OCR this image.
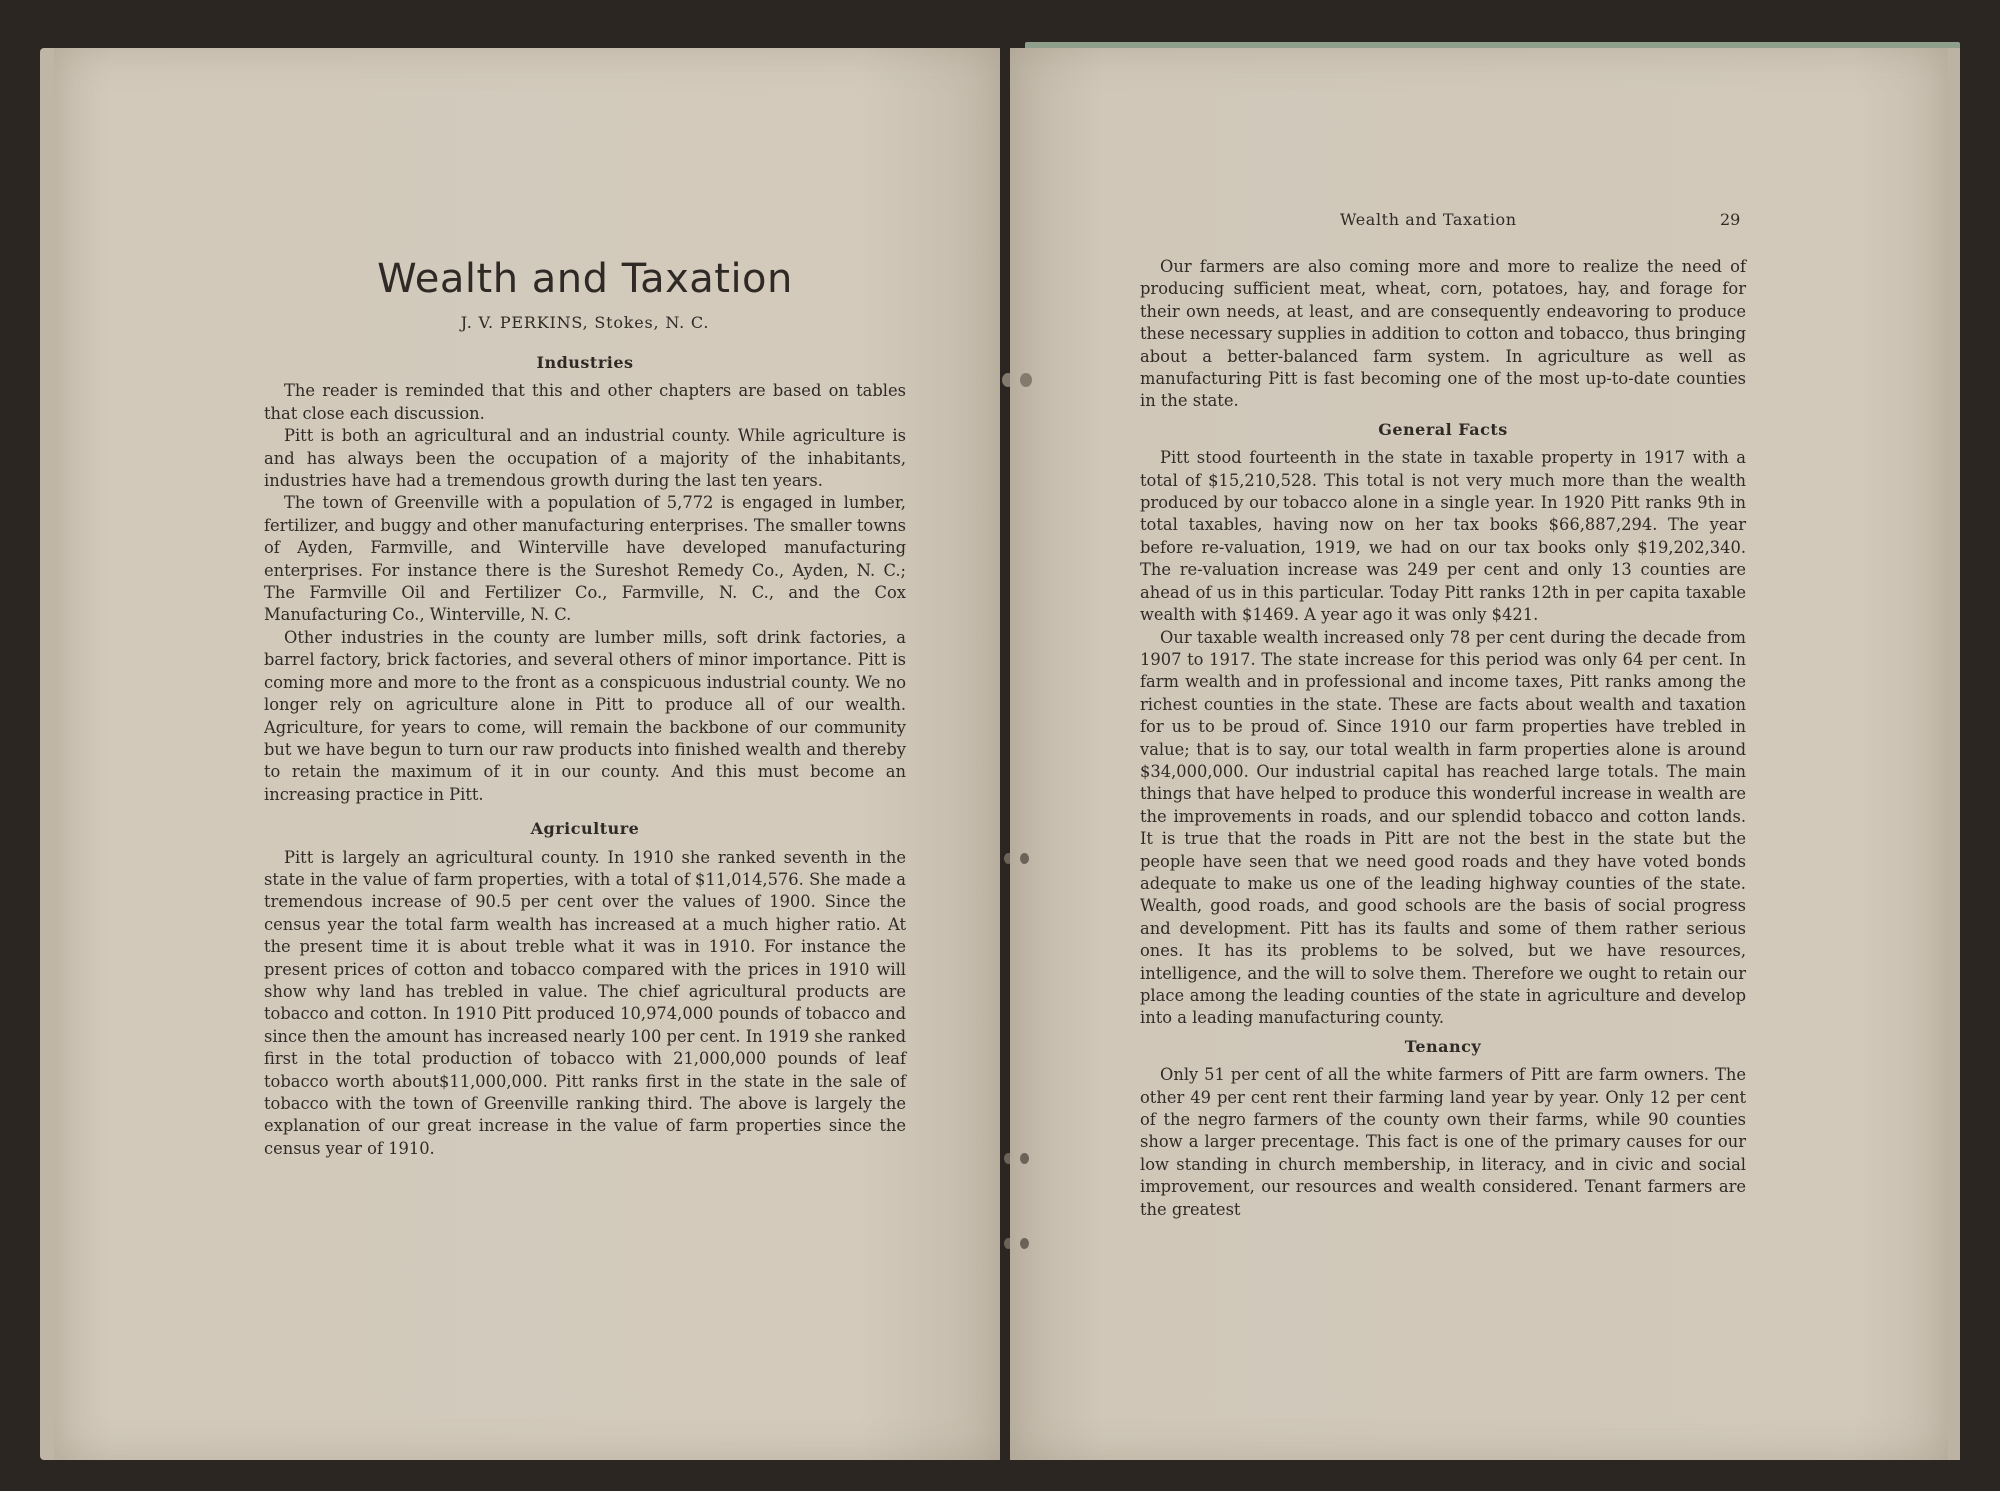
Wealth and Taxation

J. V. PERKINS, Stokes, N. C.

Industries

The reader is reminded that this and other chapters are based on tables that close each discussion.

Pitt is both an agricultural and an industrial county. While agriculture is and has always been the occupation of a majority of the inhabitants, industries have had a tremendous growth during the last ten years.

The town of Greenville with a population of 5,772 is engaged in lumber, fertilizer, and buggy and other manufacturing enterprises. The smaller towns of Ayden, Farmville, and Winterville have developed manufacturing enterprises. For instance there is the Sureshot Remedy Co., Ayden, N. C.; The Farmville Oil and Fertilizer Co., Farmville, N. C., and the Cox Manufacturing Co., Winterville, N. C.

Other industries in the county are lumber mills, soft drink factories, a barrel factory, brick factories, and several others of minor importance. Pitt is coming more and more to the front as a conspicuous industrial county. We no longer rely on agriculture alone in Pitt to produce all of our wealth. Agriculture, for years to come, will remain the backbone of our community but we have begun to turn our raw products into finished wealth and thereby to retain the maximum of it in our county. And this must become an increasing practice in Pitt.

Agriculture

Pitt is largely an agricultural county. In 1910 she ranked seventh in the state in the value of farm properties, with a total of $11,014,576. She made a tremendous increase of 90.5 per cent over the values of 1900. Since the census year the total farm wealth has increased at a much higher ratio. At the present time it is about treble what it was in 1910. For instance the present prices of cotton and tobacco compared with the prices in 1910 will show why land has trebled in value. The chief agricultural products are tobacco and cotton. In 1910 Pitt produced 10,974,000 pounds of tobacco and since then the amount has increased nearly 100 per cent. In 1919 she ranked first in the total production of tobacco with 21,000,000 pounds of leaf tobacco worth about$11,000,000. Pitt ranks first in the state in the sale of tobacco with the town of Greenville ranking third. The above is largely the explanation of our great increase in the value of farm properties since the census year of 1910.

Wealth and Taxation	29

Our farmers are also coming more and more to realize the need of producing sufficient meat, wheat, corn, potatoes, hay, and forage for their own needs, at least, and are consequently endeavoring to produce these necessary supplies in addition to cotton and tobacco, thus bringing about a better-balanced farm system. In agriculture as well as manufacturing Pitt is fast becoming one of the most up-to-date counties in the state.

General Facts

Pitt stood fourteenth in the state in taxable property in 1917 with a total of $15,210,528. This total is not very much more than the wealth produced by our tobacco alone in a single year. In 1920 Pitt ranks 9th in total taxables, having now on her tax books $66,887,294. The year before re-valuation, 1919, we had on our tax books only $19,202,340. The re-valuation increase was 249 per cent and only 13 counties are ahead of us in this particular. Today Pitt ranks 12th in per capita taxable wealth with $1469. A year ago it was only $421.

Our taxable wealth increased only 78 per cent during the decade from 1907 to 1917. The state increase for this period was only 64 per cent. In farm wealth and in professional and income taxes, Pitt ranks among the richest counties in the state. These are facts about wealth and taxation for us to be proud of. Since 1910 our farm properties have trebled in value; that is to say, our total wealth in farm properties alone is around $34,000,000. Our industrial capital has reached large totals. The main things that have helped to produce this wonderful increase in wealth are the improvements in roads, and our splendid tobacco and cotton lands. It is true that the roads in Pitt are not the best in the state but the people have seen that we need good roads and they have voted bonds adequate to make us one of the leading highway counties of the state. Wealth, good roads, and good schools are the basis of social progress and development. Pitt has its faults and some of them rather serious ones. It has its problems to be solved, but we have resources, intelligence, and the will to solve them. Therefore we ought to retain our place among the leading counties of the state in agriculture and develop into a leading manufacturing county.

Tenancy

Only 51 per cent of all the white farmers of Pitt are farm owners. The other 49 per cent rent their farming land year by year. Only 12 per cent of the negro farmers of the county own their farms, while 90 counties show a larger precentage. This fact is one of the primary causes for our low standing in church membership, in literacy, and in civic and social improvement, our resources and wealth considered. Tenant farmers are the greatest
